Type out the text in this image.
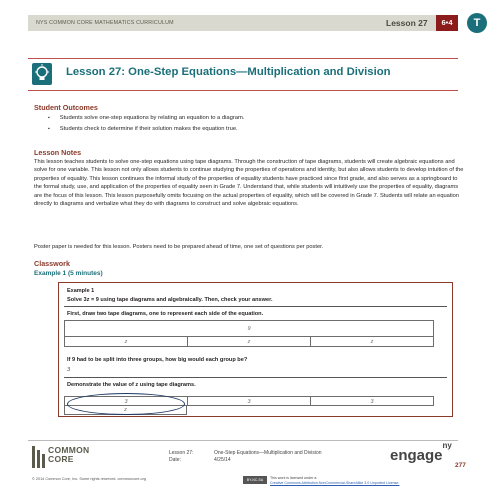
NYS COMMON CORE MATHEMATICS CURRICULUM	Lesson 27	6•4	T
Lesson 27: One-Step Equations—Multiplication and Division
Student Outcomes
▪ Students solve one-step equations by relating an equation to a diagram.
▪ Students check to determine if their solution makes the equation true.
Lesson Notes

This lesson teaches students to solve one-step equations using tape diagrams. Through the construction of tape diagrams, students will create algebraic equations and solve for one variable. This lesson not only allows students to continue studying the properties of operations and identity, but also allows students to develop intuition of the properties of equality. This lesson continues the informal study of the properties of equality students have practiced since first grade, and also serves as a springboard to the formal study, use, and application of the properties of equality seen in Grade 7. Understand that, while students will intuitively use the properties of equality, diagrams are the focus of this lesson. This lesson purposefully omits focusing on the actual properties of equality, which will be covered in Grade 7. Students will relate an equation directly to diagrams and verbalize what they do with diagrams to construct and solve algebraic equations.

Poster paper is needed for this lesson. Posters need to be prepared ahead of time, one set of questions per poster.

Classwork
Example 1 (5 minutes)
Example 1
Solve 3z = 9 using tape diagrams and algebraically. Then, check your answer.
First, draw two tape diagrams, one to represent each side of the equation.
9
z	z	z
If 9 had to be split into three groups, how big would each group be?
3
Demonstrate the value of z using tape diagrams.
3	3	3
z
COMMON
CORE
Lesson 27:	One-Step Equations—Multiplication and Division
Date:	4/25/14	engage$^{ny}$
277
© 2014 Common Core, Inc. Some rights reserved. commoncore.org	BY-NC-SA	This work is licensed under a
Creative Commons Attribution-NonCommercial-ShareAlike 3.0 Unported License.
